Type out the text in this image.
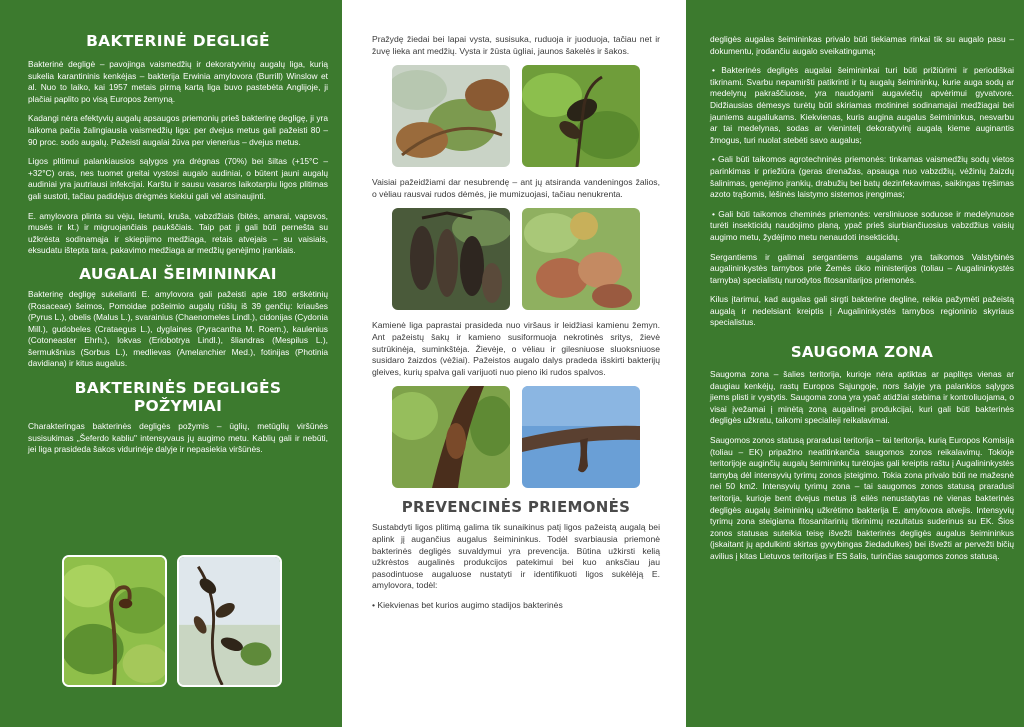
BAKTERINĖ DEGLIGĖ

Bakterinė degligė – pavojinga vaismedžių ir dekoratyvinių augalų liga, kurią sukelia karantininis kenkėjas – bakterija Erwinia amylovora (Burrill) Winslow et al. Nuo to laiko, kai 1957 metais pirmą kartą liga buvo pastebėta Anglijoje, ji plačiai paplito po visą Europos žemyną.

Kadangi nėra efektyvių augalų apsaugos priemonių prieš bakterinę degligę, ji yra laikoma pačia žalingiausia vaismedžių liga: per dvejus metus gali pažeisti 80 – 90 proc. sodo augalų. Pažeisti augalai žūva per vienerius – dvejus metus.

Ligos plitimui palankiausios sąlygos yra drėgnas (70%) bei šiltas (+15°C – +32°C) oras, nes tuomet greitai vystosi augalo audiniai, o būtent jauni augalų audiniai yra jautriausi infekcijai. Karštu ir sausu vasaros laikotarpiu ligos plitimas gali sustoti, tačiau padidėjus drėgmės kiekiui gali vėl atsinaujinti.

E. amylovora plinta su vėju, lietumi, kruša, vabzdžiais (bitės, amarai, vapsvos, musės ir kt.) ir migruojančiais paukščiais. Taip pat ji gali būti pernešta su užkrėsta sodinamąja ir skiepijimo medžiaga, retais atvejais – su vaisiais, eksudatu ištepta tara, pakavimo medžiaga ar medžių genėjimo įrankiais.

AUGALAI ŠEIMININKAI

Bakterinę degligę sukelianti E. amylovora gali pažeisti apie 180 erškėtinių (Rosaceae) šeimos, Pomoidae pošeimio augalų rūšių iš 39 genčių: kriaušes (Pyrus L.), obelis (Malus L.), svarainius (Chaenomeles Lindl.), cidonijas (Cydonia Mill.), gudobeles (Crataegus L.), dyglaines (Pyracantha M. Roem.), kaulenius (Cotoneaster Ehrh.), lokvas (Eriobotrya Lindl.), šliandras (Mespilus L.), šermukšnius (Sorbus L.), medlievas (Amelanchier Med.), fotinijas (Photinia davidiana) ir kitus augalus.

BAKTERINĖS DEGLIGĖS
POŽYMIAI

Charakteringas bakterinės degligės požymis – ūglių, metūglių viršūnės susisukimas „Šeferdo kabliu" intensyvaus jų augimo metu. Kablių gali ir nebūti, jei liga prasideda šakos vidurinėje dalyje ir nepasiekia viršūnės.

Pražydę žiedai bei lapai vysta, susisuka, ruduoja ir juoduoja, tačiau net ir žuvę lieka ant medžių. Vysta ir žūsta ūgliai, jaunos šakelės ir šakos.

Vaisiai pažeidžiami dar nesubrendę – ant jų atsiranda vandeningos žalios, o vėliau rausvai rudos dėmės, jie mumizuojasi, tačiau nenukrenta.

Kamienė liga paprastai prasideda nuo viršaus ir leidžiasi kamienu žemyn. Ant pažeistų šakų ir kamieno susiformuoja nekrotinės sritys, žievė sutrūkinėja, suminkštėja. Žievėje, o vėliau ir gilesniuose sluoksniuose susidaro žaizdos (vėžiai). Pažeistos augalo dalys pradeda išskirti bakterijų gleives, kurių spalva gali varijuoti nuo pieno iki rudos spalvos.

PREVENCINĖS PRIEMONĖS

Sustabdyti ligos plitimą galima tik sunaikinus patį ligos pažeistą augalą bei aplink jį augančius augalus šeimininkus. Todėl svarbiausia priemonė bakterinės degligės suvaldymui yra prevencija. Būtina užkirsti kelią užkrėstos augalinės produkcijos patekimui bei kuo anksčiau jau pasodintuose augaluose nustatyti ir identifikuoti ligos sukėlėją E. amylovora, todėl:

• Kiekvienas bet kurios augimo stadijos bakterinės

degligės augalas šeimininkas privalo būti tiekiamas rinkai tik su augalo pasu – dokumentu, įrodančiu augalo sveikatingumą;

• Bakterinės degligės augalai šeimininkai turi būti prižiūrimi ir periodiškai tikrinami. Svarbu nepamiršti patikrinti ir tų augalų šeimininkų, kurie auga sodų ar medelynų pakraščiuose, yra naudojami augaviečių apvėrimui gyvatvore. Didžiausias dėmesys turėtų būti skiriamas motininei sodinamajai medžiagai bei jauniems augaliukams. Kiekvienas, kuris augina augalus šeimininkus, nesvarbu ar tai medelynas, sodas ar vienintelį dekoratyvinį augalą kieme auginantis žmogus, turi nuolat stebėti savo augalus;

• Gali būti taikomos agrotechninės priemonės: tinkamas vaismedžių sodų vietos parinkimas ir priežiūra (geras drenažas, apsauga nuo vabzdžių, vėžinių žaizdų šalinimas, genėjimo įrankių, drabužių bei batų dezinfekavimas, saikingas tręšimas azoto trąšomis, lėšinės laistymo sistemos įrengimas;

• Gali būti taikomos cheminės priemonės: versliniuose soduose ir medelynuose turėti insekticidų naudojimo planą, ypač prieš siurbiančiuosius vabzdžius vaisių augimo metu, žydėjimo metu nenaudoti insekticidų.

Sergantiems ir galimai sergantiems augalams yra taikomos Valstybinės augalininkystės tarnybos prie Žemės ūkio ministerijos (toliau – Augalininkystės tarnyba) specialistų nurodytos fitosanitarijos priemonės.

Kilus įtarimui, kad augalas gali sirgti bakterine degline, reikia pažymėti pažeistą augalą ir nedelsiant kreiptis į Augalininkystės tarnybos regioninio skyriaus specialistus.

SAUGOMA ZONA

Saugoma zona – šalies teritorija, kurioje nėra aptiktas ar paplitęs vienas ar daugiau kenkėjų, rastų Europos Sąjungoje, nors šalyje yra palankios sąlygos jiems plisti ir vystytis. Saugoma zona yra ypač atidžiai stebima ir kontroliuojama, o visai įvežamai į minėtą zoną augalinei produkcijai, kuri gali būti bakterinės degligės užkratu, taikomi specialieji reikalavimai.

Saugomos zonos statusą praradusi teritorija – tai teritorija, kurią Europos Komisija (toliau – EK) pripažino neatitinkančia saugomos zonos reikalavimų. Tokioje teritorijoje auginčių augalų šeimininkų turėtojas gali kreiptis raštu į Augalininkystės tarnybą dėl intensyvių tyrimų zonos įsteigimo. Tokia zona privalo būti ne mažesnė nei 50 km2. Intensyvių tyrimų zona – tai saugomos zonos statusą praradusi teritorija, kurioje bent dvejus metus iš eilės nenustatytas nė vienas bakterinės degligės augalų šeimininkų užkrėtimo bakterija E. amylovora atvejis. Intensyvių tyrimų zona steigiama fitosanitarinių tikrinimų rezultatus suderinus su EK. Šios zonos statusas suteikia teisę išvežti bakterinės degligės augalus šeimininkus (įskaitant jų apdulkinti skirtas gyvybingas žiedadulkes) bei išvežti ar pervežti bičių avilius į kitas Lietuvos teritorijas ir ES šalis, turinčias saugomos zonos statusą.
